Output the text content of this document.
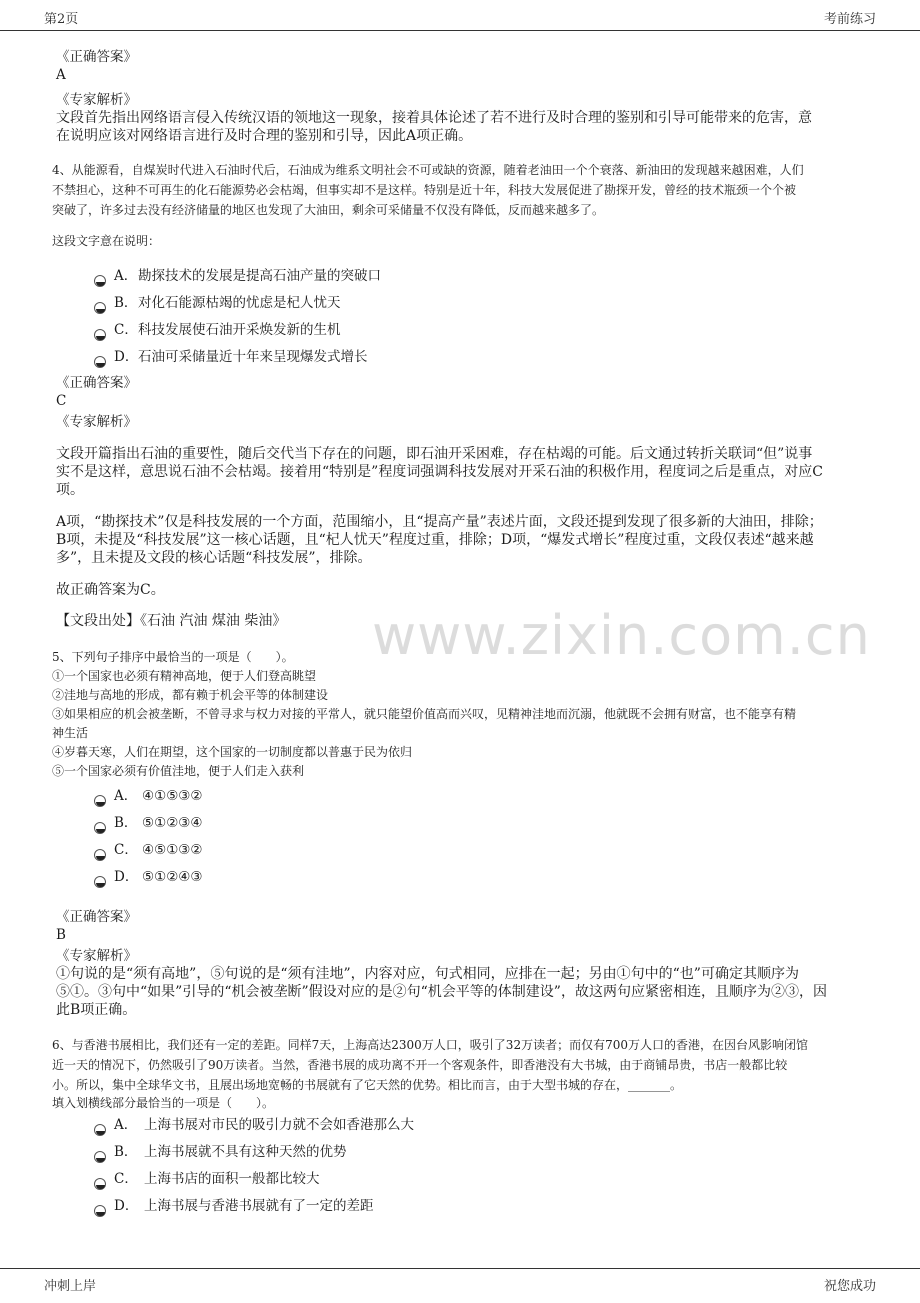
第2页	考前练习
www.zixin.com.cn
《正确答案》
A
《专家解析》
文段首先指出网络语言侵入传统汉语的领地这一现象，接着具体论述了若不进行及时合理的鉴别和引导可能带来的危害，意
在说明应该对网络语言进行及时合理的鉴别和引导，因此A项正确。
4、从能源看，自煤炭时代进入石油时代后，石油成为维系文明社会不可或缺的资源，随着老油田一个个衰落、新油田的发现越来越困难，人们
不禁担心，这种不可再生的化石能源势必会枯竭，但事实却不是这样。特别是近十年，科技大发展促进了勘探开发，曾经的技术瓶颈一个个被
突破了，许多过去没有经济储量的地区也发现了大油田，剩余可采储量不仅没有降低，反而越来越多了。
这段文字意在说明：
A． 勘探技术的发展是提高石油产量的突破口
B． 对化石能源枯竭的忧虑是杞人忧天
C． 科技发展使石油开采焕发新的生机
D． 石油可采储量近十年来呈现爆发式增长
《正确答案》
C
《专家解析》
文段开篇指出石油的重要性，随后交代当下存在的问题，即石油开采困难，存在枯竭的可能。后文通过转折关联词“但”说事
实不是这样，意思说石油不会枯竭。接着用“特别是”程度词强调科技发展对开采石油的积极作用，程度词之后是重点，对应C
项。
A项，“勘探技术”仅是科技发展的一个方面，范围缩小，且“提高产量”表述片面，文段还提到发现了很多新的大油田，排除；
B项，未提及“科技发展”这一核心话题，且“杞人忧天”程度过重，排除；D项，“爆发式增长”程度过重，文段仅表述“越来越
多”，且未提及文段的核心话题“科技发展”，排除。
故正确答案为C。
【文段出处】《石油 汽油 煤油 柴油》
5、下列句子排序中最恰当的一项是（　　）。
①一个国家也必须有精神高地，便于人们登高眺望
②洼地与高地的形成，都有赖于机会平等的体制建设
③如果相应的机会被垄断，不曾寻求与权力对接的平常人，就只能望价值高而兴叹，见精神洼地而沉溺，他就既不会拥有财富，也不能享有精
神生活
④岁暮天寒，人们在期望，这个国家的一切制度都以普惠于民为依归
⑤一个国家必须有价值洼地，便于人们走入获利
A． ④①⑤③②
B． ⑤①②③④
C． ④⑤①③②
D． ⑤①②④③
《正确答案》
B
《专家解析》
①句说的是“须有高地”，⑤句说的是“须有洼地”，内容对应，句式相同，应排在一起；另由①句中的“也”可确定其顺序为
⑤①。③句中“如果”引导的“机会被垄断”假设对应的是②句“机会平等的体制建设”，故这两句应紧密相连，且顺序为②③，因
此B项正确。
6、与香港书展相比，我们还有一定的差距。同样7天，上海高达2300万人口，吸引了32万读者；而仅有700万人口的香港，在因台风影响闭馆
近一天的情况下，仍然吸引了90万读者。当然，香港书展的成功离不开一个客观条件，即香港没有大书城，由于商铺昂贵，书店一般都比较
小。所以，集中全球华文书，且展出场地宽畅的书展就有了它天然的优势。相比而言，由于大型书城的存在，_______。
填入划横线部分最恰当的一项是（　　）。
A． 上海书展对市民的吸引力就不会如香港那么大
B． 上海书展就不具有这种天然的优势
C． 上海书店的面积一般都比较大
D． 上海书展与香港书展就有了一定的差距
冲刺上岸	祝您成功
